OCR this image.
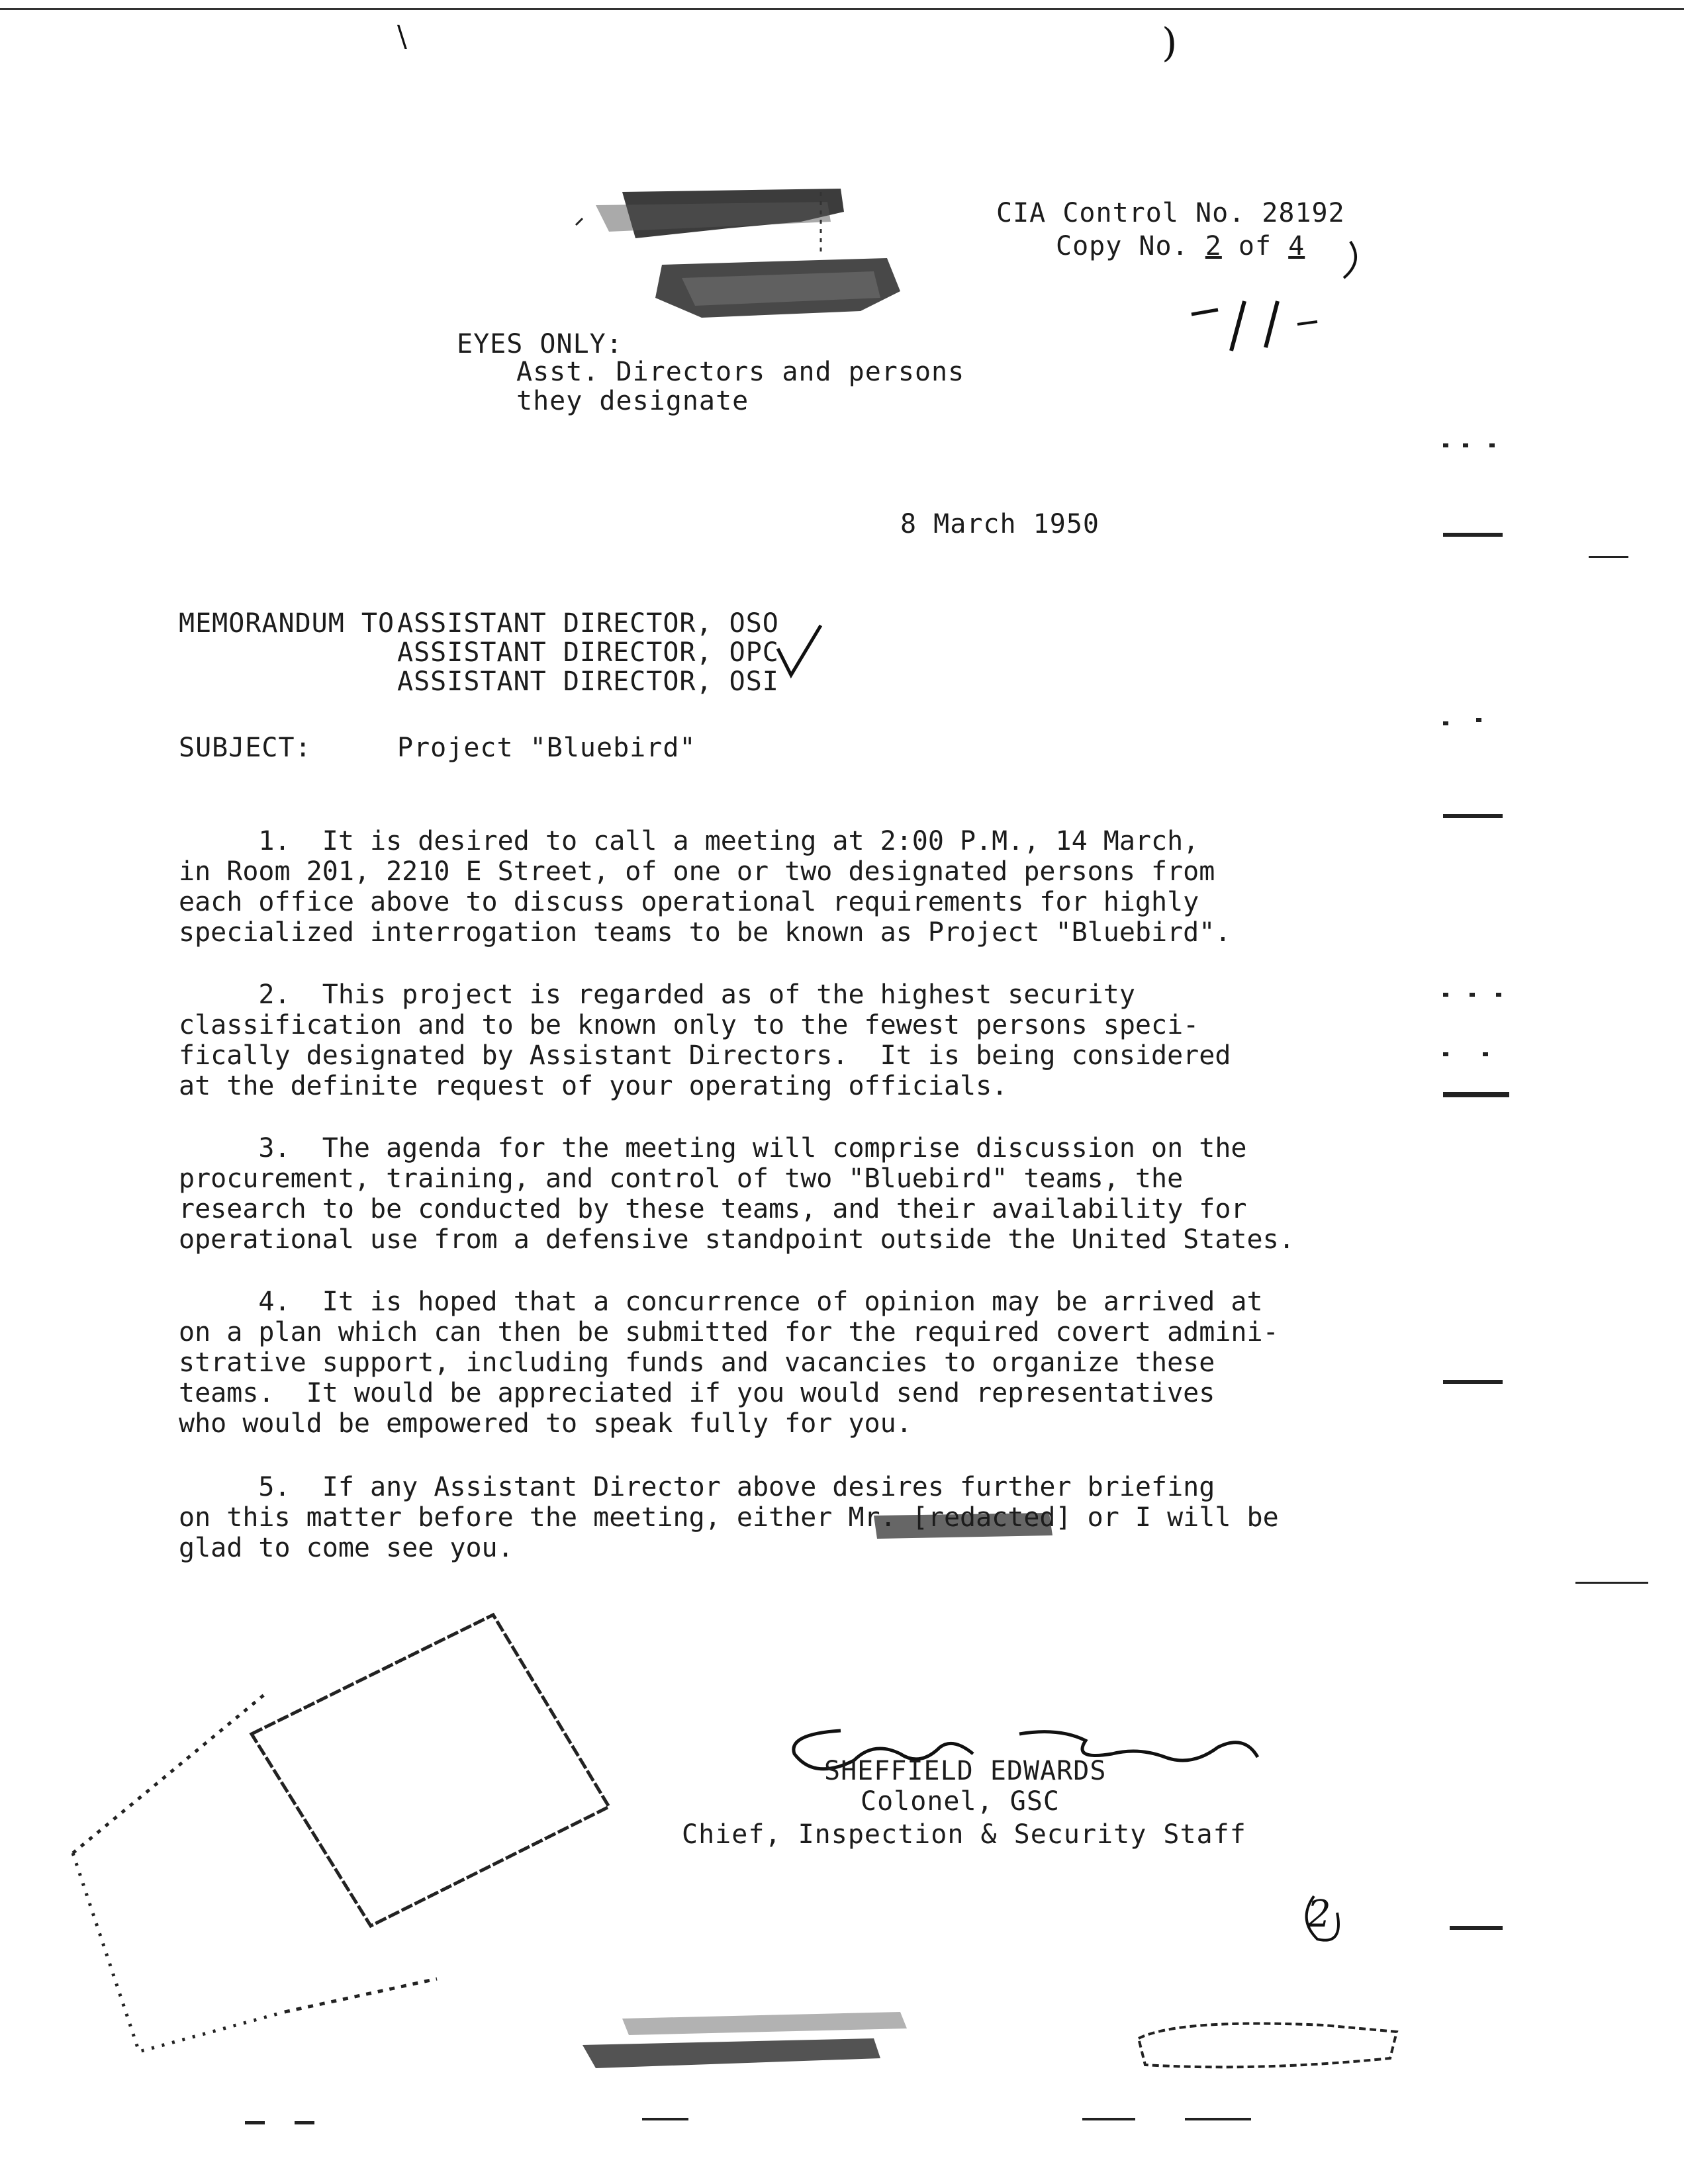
\	)
CIA Control No. 28192
Copy No. 2 of 4
EYES ONLY:
Asst. Directors and persons
they designate
8 March 1950
MEMORANDUM TO ASSISTANT DIRECTOR, OSO
ASSISTANT DIRECTOR, OPC
ASSISTANT DIRECTOR, OSI
SUBJECT:	Project "Bluebird"
1.  It is desired to call a meeting at 2:00 P.M., 14 March,
in Room 201, 2210 E Street, of one or two designated persons from
each office above to discuss operational requirements for highly
specialized interrogation teams to be known as Project "Bluebird".
2.  This project is regarded as of the highest security
classification and to be known only to the fewest persons speci-
fically designated by Assistant Directors.  It is being considered
at the definite request of your operating officials.
3.  The agenda for the meeting will comprise discussion on the
procurement, training, and control of two "Bluebird" teams, the
research to be conducted by these teams, and their availability for
operational use from a defensive standpoint outside the United States.
4.  It is hoped that a concurrence of opinion may be arrived at
on a plan which can then be submitted for the required covert admini-
strative support, including funds and vacancies to organize these
teams.  It would be appreciated if you would send representatives
who would be empowered to speak fully for you.
5.  If any Assistant Director above desires further briefing
on this matter before the meeting, either Mr. [redacted] or I will be
glad to come see you.
SHEFFIELD EDWARDS
Colonel, GSC
Chief, Inspection & Security Staff
2
